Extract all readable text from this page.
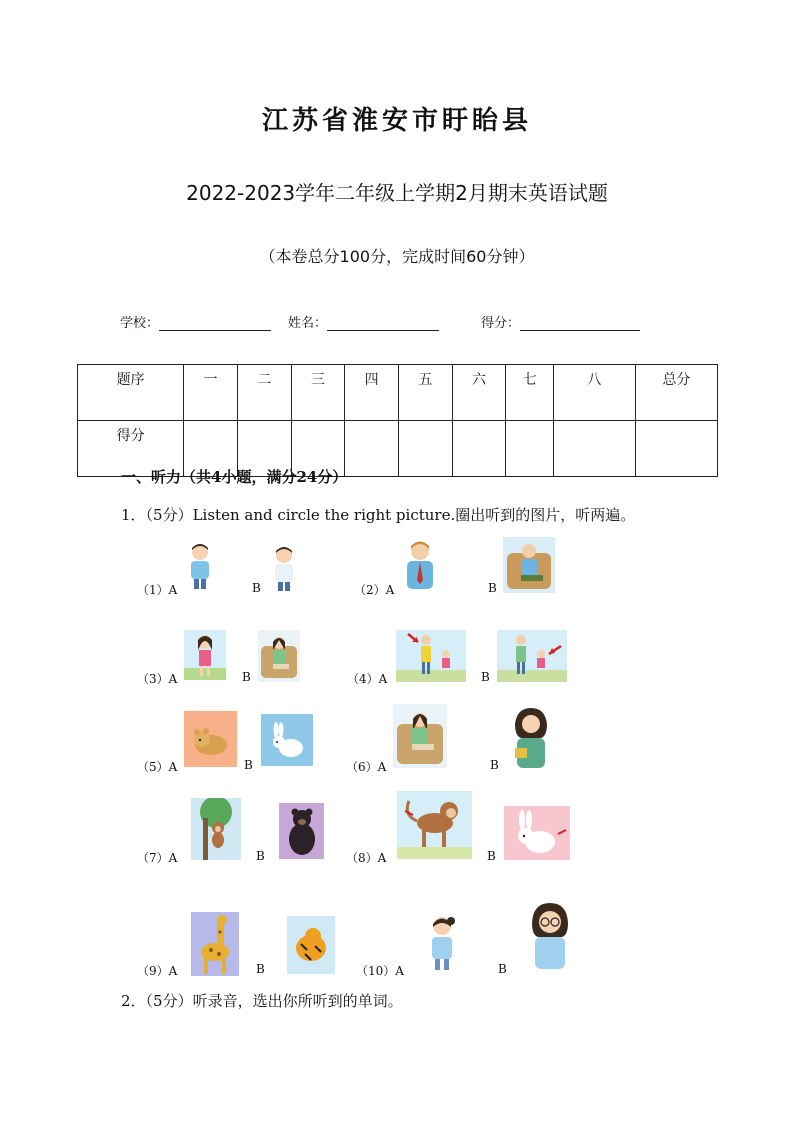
江苏省淮安市盱眙县
2022-2023学年二年级上学期2月期末英语试题
（本卷总分100分，完成时间60分钟）
学校：	姓名：	得分：
题序	一	二	三	四	五	六	七	八	总分
得分									
一、听力（共4小题，满分24分）
1．（5分）Listen and circle the right picture.圈出听到的图片，听两遍。
（1）A	B	（2）A	B
（3）A	B	（4）A	B
（5）A	B	（6）A	B
（7）A	B	（8）A	B
（9）A	B	（10）A	B
2．（5分）听录音，选出你所听到的单词。
